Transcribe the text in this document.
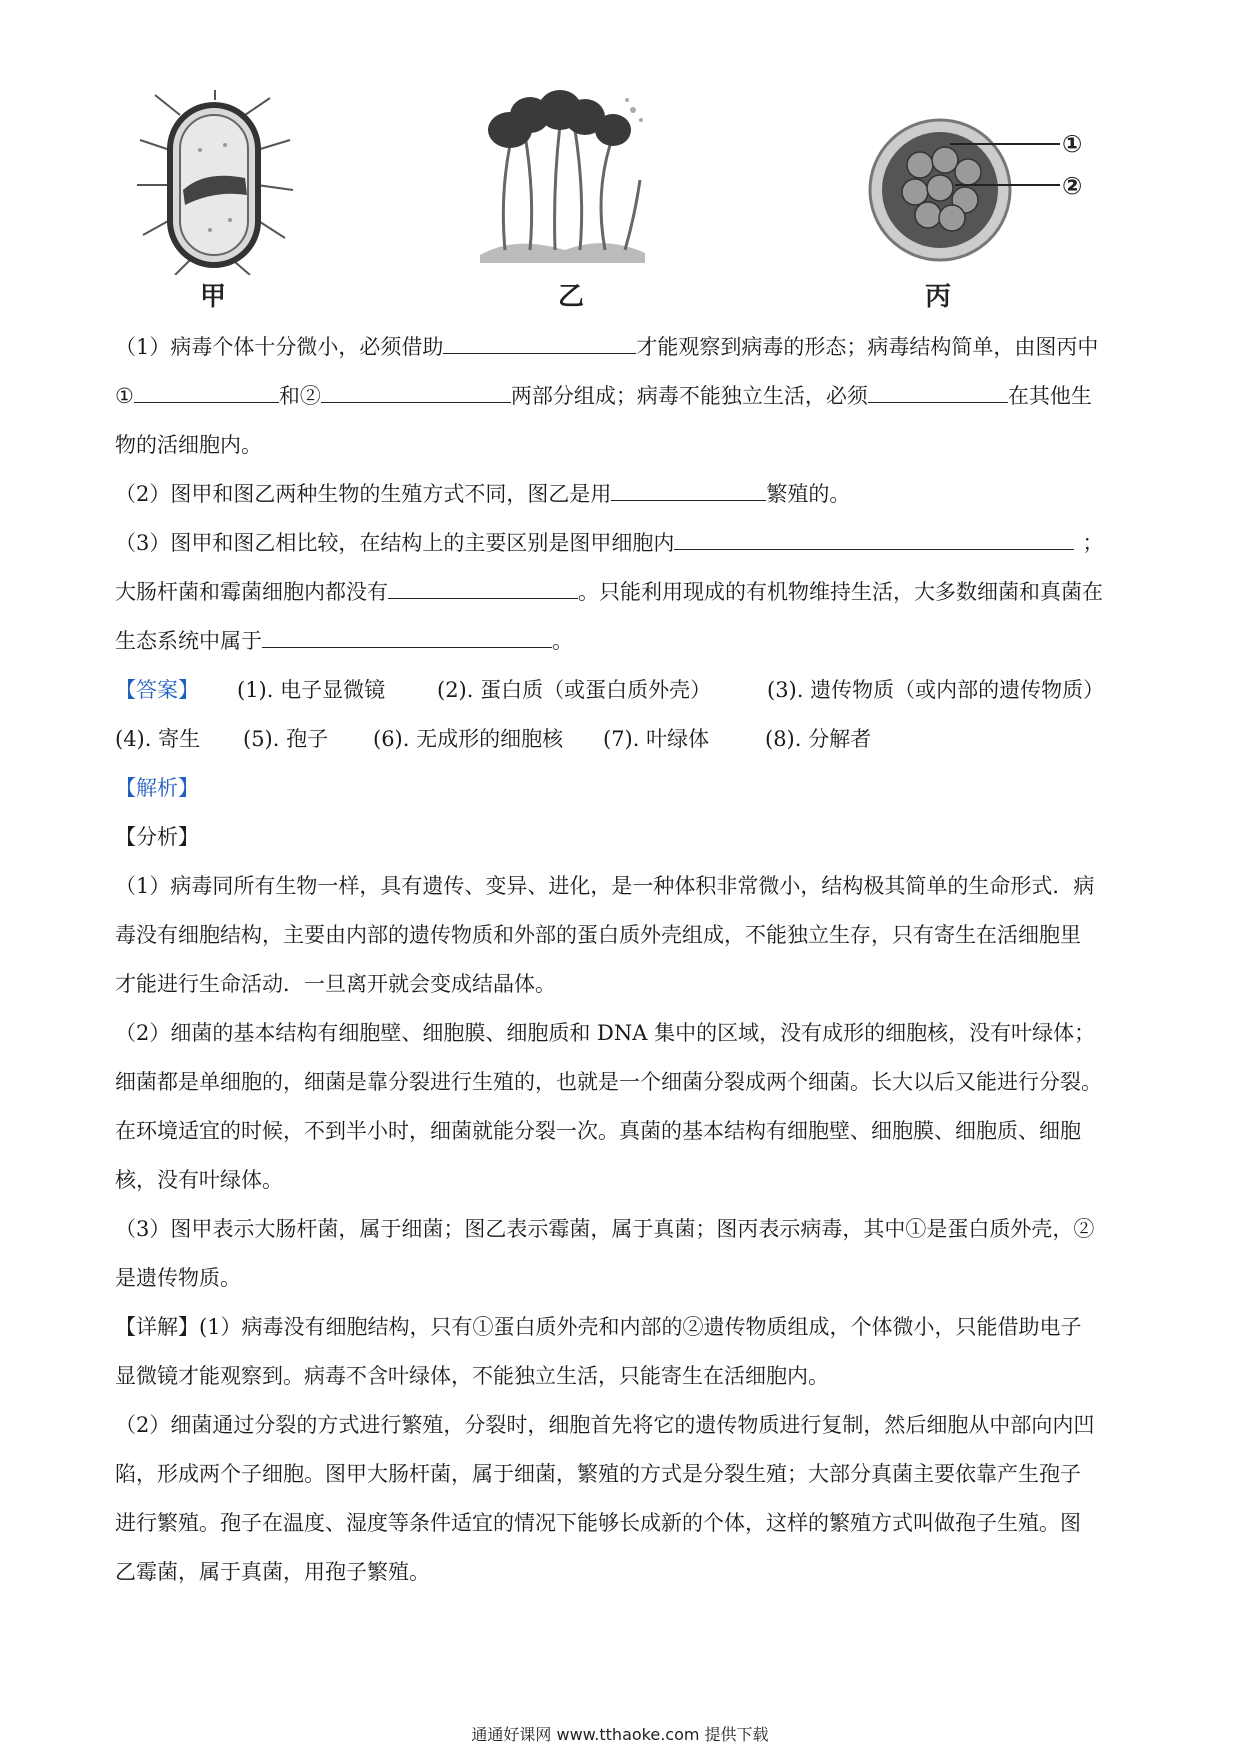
甲	乙
①
②
丙
（1）病毒个体十分微小，必须借助	才能观察到病毒的形态；病毒结构简单，由图丙中
①	和②	两部分组成；病毒不能独立生活，必须	在其他生
物的活细胞内。
（2）图甲和图乙两种生物的生殖方式不同，图乙是用	繁殖的。
（3）图甲和图乙相比较，在结构上的主要区别是图甲细胞内	；
大肠杆菌和霉菌细胞内都没有	。只能利用现成的有机物维持生活，大多数细菌和真菌在
生态系统中属于	。
【答案】 (1). 电子显微镜 (2). 蛋白质（或蛋白质外壳）	(3). 遗传物质（或内部的遗传物质）
(4). 寄生 (5). 孢子 (6). 无成形的细胞核 (7). 叶绿体	(8). 分解者
【解析】
【分析】
（1）病毒同所有生物一样，具有遗传、变异、进化，是一种体积非常微小，结构极其简单的生命形式．病
毒没有细胞结构，主要由内部的遗传物质和外部的蛋白质外壳组成，不能独立生存，只有寄生在活细胞里
才能进行生命活动．一旦离开就会变成结晶体。
（2）细菌的基本结构有细胞壁、细胞膜、细胞质和 DNA 集中的区域，没有成形的细胞核，没有叶绿体；
细菌都是单细胞的，细菌是靠分裂进行生殖的，也就是一个细菌分裂成两个细菌。长大以后又能进行分裂。
在环境适宜的时候，不到半小时，细菌就能分裂一次。真菌的基本结构有细胞壁、细胞膜、细胞质、细胞
核，没有叶绿体。
（3）图甲表示大肠杆菌，属于细菌；图乙表示霉菌，属于真菌；图丙表示病毒，其中①是蛋白质外壳，②
是遗传物质。
【详解】(1）病毒没有细胞结构，只有①蛋白质外壳和内部的②遗传物质组成，个体微小，只能借助电子
显微镜才能观察到。病毒不含叶绿体，不能独立生活，只能寄生在活细胞内。
（2）细菌通过分裂的方式进行繁殖，分裂时，细胞首先将它的遗传物质进行复制，然后细胞从中部向内凹
陷，形成两个子细胞。图甲大肠杆菌，属于细菌，繁殖的方式是分裂生殖；大部分真菌主要依靠产生孢子
进行繁殖。孢子在温度、湿度等条件适宜的情况下能够长成新的个体，这样的繁殖方式叫做孢子生殖。图
乙霉菌，属于真菌，用孢子繁殖。
通通好课网 www.tthaoke.com 提供下载
